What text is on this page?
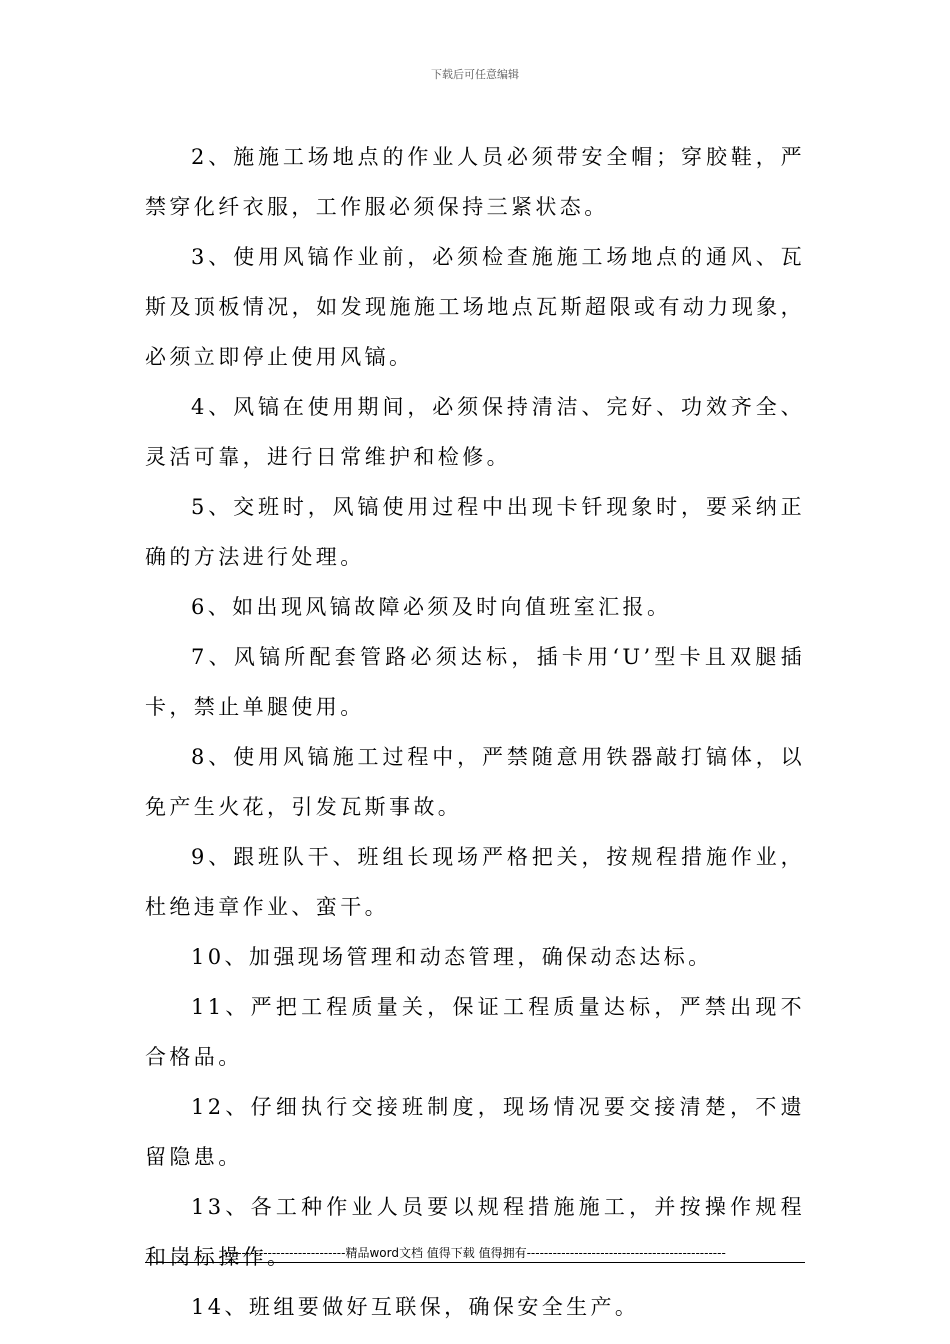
下载后可任意编辑

2、施施工场地点的作业人员必须带安全帽；穿胶鞋，严禁穿化纤衣服，工作服必须保持三紧状态。

3、使用风镐作业前，必须检查施施工场地点的通风、瓦斯及顶板情况，如发现施施工场地点瓦斯超限或有动力现象，必须立即停止使用风镐。

4、风镐在使用期间，必须保持清洁、完好、功效齐全、灵活可靠，进行日常维护和检修。

5、交班时，风镐使用过程中出现卡钎现象时，要采纳正确的方法进行处理。

6、如出现风镐故障必须及时向值班室汇报。

7、风镐所配套管路必须达标，插卡用‘U’型卡且双腿插卡，禁止单腿使用。

8、使用风镐施工过程中，严禁随意用铁器敲打镐体，以免产生火花，引发瓦斯事故。

9、跟班队干、班组长现场严格把关，按规程措施作业，杜绝违章作业、蛮干。

10、加强现场管理和动态管理，确保动态达标。

11、严把工程质量关，保证工程质量达标，严禁出现不合格品。

12、仔细执行交接班制度，现场情况要交接清楚，不遗留隐患。

13、各工种作业人员要以规程措施施工，并按操作规程和岗标操作。

14、班组要做好互联保，确保安全生产。

----------------------------精品word文档 值得下载 值得拥有----------------------------------------------
